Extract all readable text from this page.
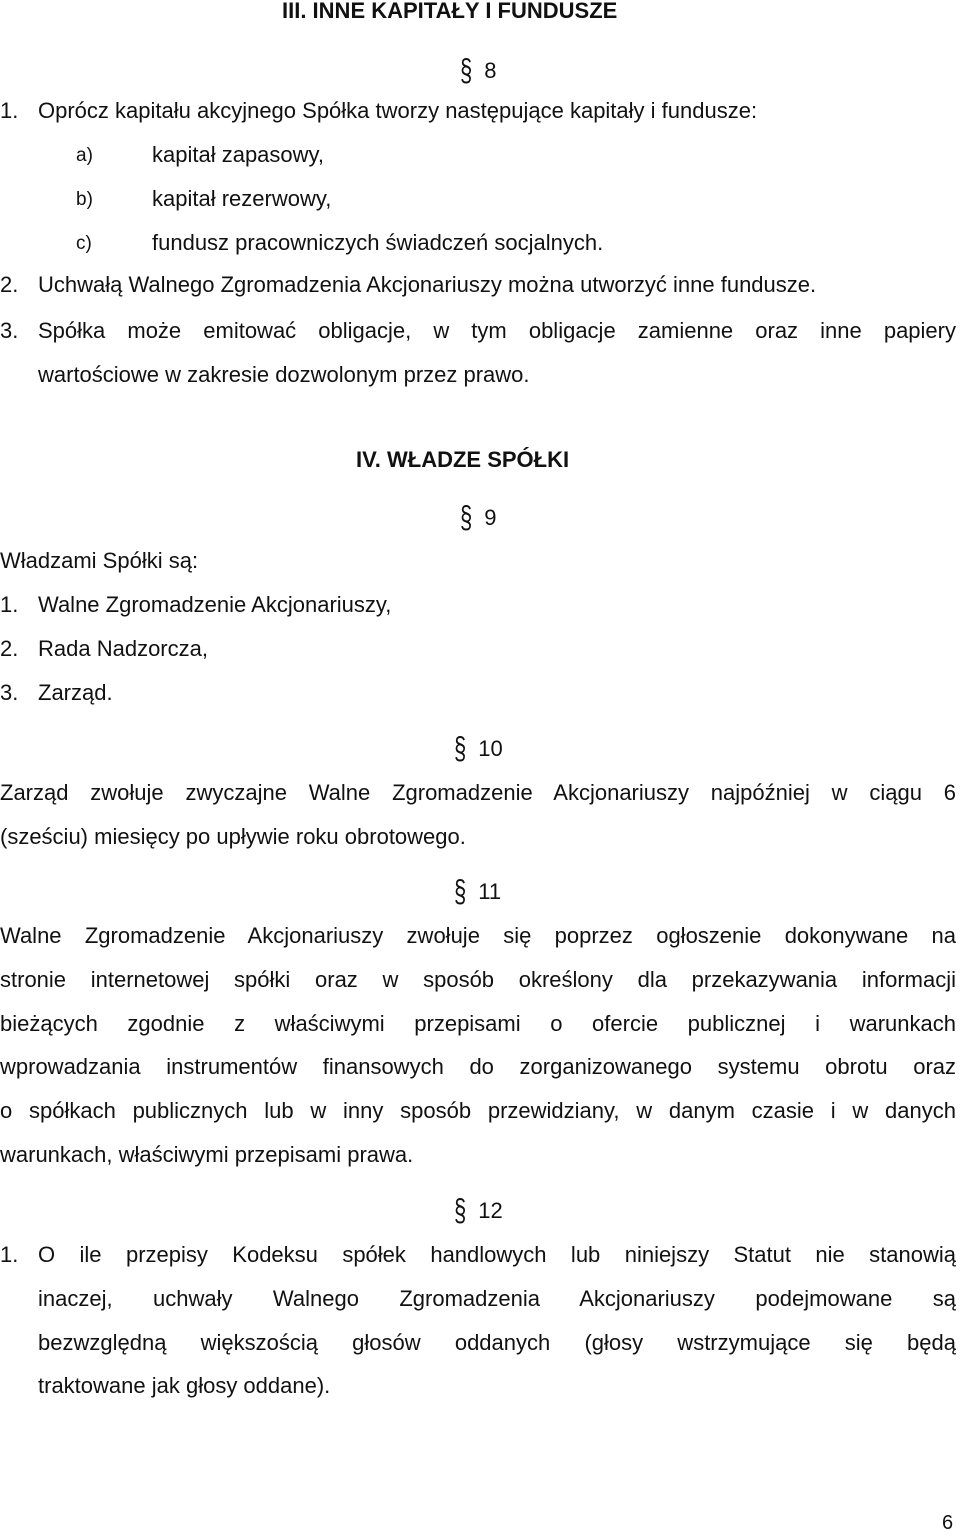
III. INNE KAPITAŁY I FUNDUSZE
§ 8
1. Oprócz kapitału akcyjnego Spółka tworzy następujące kapitały i fundusze:
a)	kapitał zapasowy,
b)	kapitał rezerwowy,
c)	fundusz pracowniczych świadczeń socjalnych.
2. Uchwałą Walnego Zgromadzenia Akcjonariuszy można utworzyć inne fundusze.
3. Spółka może emitować obligacje, w tym obligacje zamienne oraz inne papiery
wartościowe w zakresie dozwolonym przez prawo.
IV. WŁADZE SPÓŁKI
§ 9
Władzami Spółki są:
1. Walne Zgromadzenie Akcjonariuszy,
2. Rada Nadzorcza,
3. Zarząd.
§ 10
Zarząd zwołuje zwyczajne Walne Zgromadzenie Akcjonariuszy najpóźniej w ciągu 6
(sześciu) miesięcy po upływie roku obrotowego.
§ 11
Walne Zgromadzenie Akcjonariuszy zwołuje się poprzez ogłoszenie dokonywane na
stronie internetowej spółki oraz w sposób określony dla przekazywania informacji
bieżących zgodnie z właściwymi przepisami o ofercie publicznej i warunkach
wprowadzania instrumentów finansowych do zorganizowanego systemu obrotu oraz
o spółkach publicznych lub w inny sposób przewidziany, w danym czasie i w danych
warunkach, właściwymi przepisami prawa.
§ 12
1. O ile przepisy Kodeksu spółek handlowych lub niniejszy Statut nie stanowią
inaczej, uchwały Walnego Zgromadzenia Akcjonariuszy podejmowane są
bezwzględną większością głosów oddanych (głosy wstrzymujące się będą
traktowane jak głosy oddane).
6
